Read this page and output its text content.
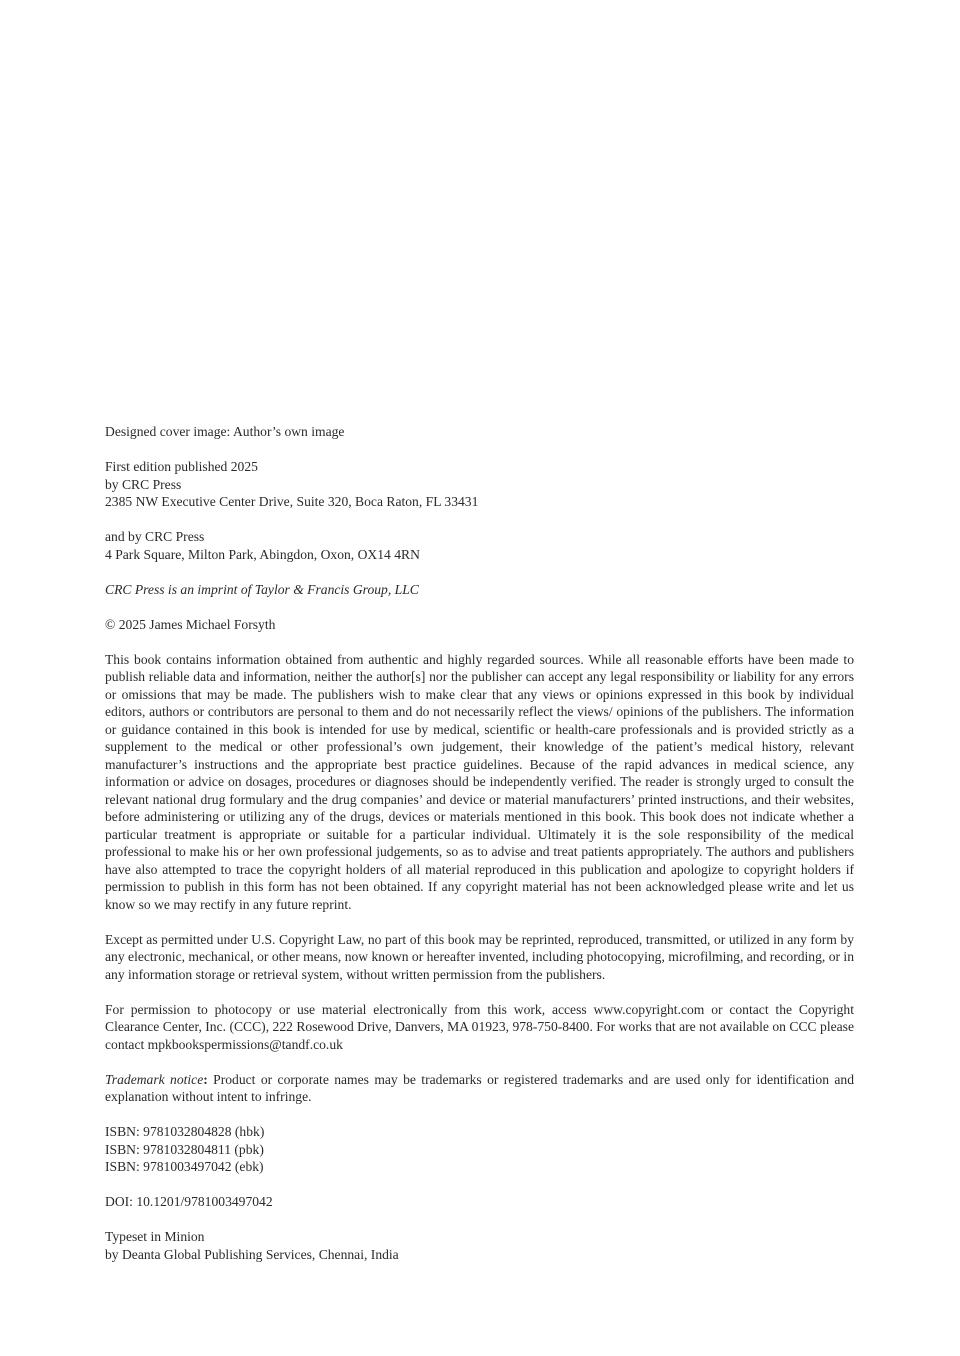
Designed cover image: Author’s own image
First edition published 2025
by CRC Press
2385 NW Executive Center Drive, Suite 320, Boca Raton, FL 33431
and by CRC Press
4 Park Square, Milton Park, Abingdon, Oxon, OX14 4RN
CRC Press is an imprint of Taylor & Francis Group, LLC
© 2025 James Michael Forsyth
This book contains information obtained from authentic and highly regarded sources. While all reasonable efforts have been made to publish reliable data and information, neither the author[s] nor the publisher can accept any legal responsibility or liability for any errors or omissions that may be made. The publishers wish to make clear that any views or opinions expressed in this book by individual editors, authors or contributors are personal to them and do not necessarily reflect the views/ opinions of the publishers. The information or guidance contained in this book is intended for use by medical, scientific or health-care professionals and is provided strictly as a supplement to the medical or other professional’s own judgement, their knowledge of the patient’s medical history, relevant manufacturer’s instructions and the appropriate best practice guidelines. Because of the rapid advances in medical science, any information or advice on dosages, procedures or diagnoses should be independently verified. The reader is strongly urged to consult the relevant national drug formulary and the drug companies’ and device or material manufacturers’ printed instructions, and their websites, before administering or utilizing any of the drugs, devices or materials mentioned in this book. This book does not indicate whether a particular treatment is appropriate or suitable for a particular individual. Ultimately it is the sole responsibility of the medical professional to make his or her own professional judgements, so as to advise and treat patients appropriately. The authors and publishers have also attempted to trace the copyright holders of all material reproduced in this publication and apologize to copyright holders if permission to publish in this form has not been obtained. If any copyright material has not been acknowledged please write and let us know so we may rectify in any future reprint.
Except as permitted under U.S. Copyright Law, no part of this book may be reprinted, reproduced, transmitted, or utilized in any form by any electronic, mechanical, or other means, now known or hereafter invented, including photocopying, microfilming, and recording, or in any information storage or retrieval system, without written permission from the publishers.
For permission to photocopy or use material electronically from this work, access www.copyright.com or contact the Copyright Clearance Center, Inc. (CCC), 222 Rosewood Drive, Danvers, MA 01923, 978-750-8400. For works that are not available on CCC please contact mpkbookspermissions@tandf.co.uk
Trademark notice: Product or corporate names may be trademarks or registered trademarks and are used only for identification and explanation without intent to infringe.
ISBN: 9781032804828 (hbk)
ISBN: 9781032804811 (pbk)
ISBN: 9781003497042 (ebk)
DOI: 10.1201/9781003497042
Typeset in Minion
by Deanta Global Publishing Services, Chennai, India
